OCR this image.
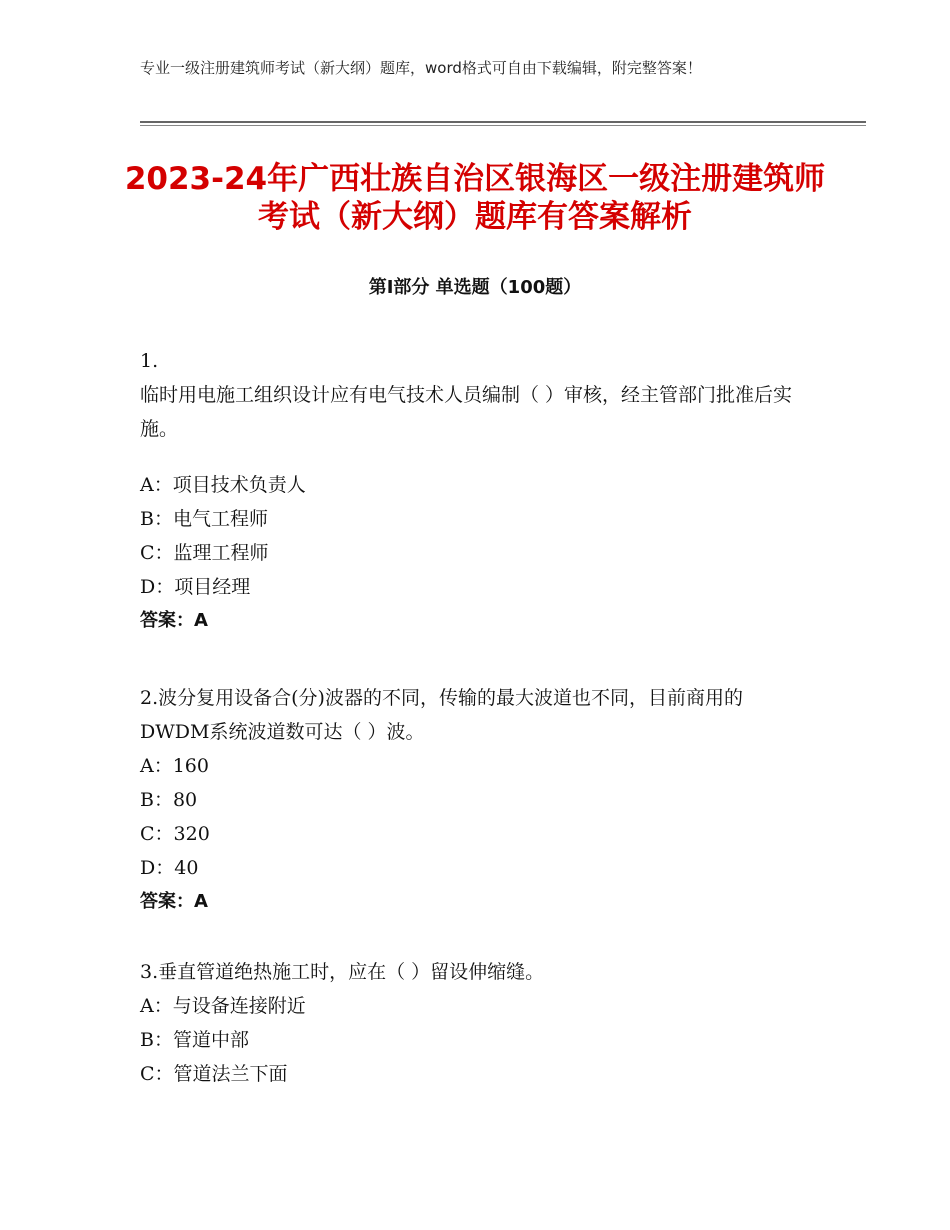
专业一级注册建筑师考试（新大纲）题库，word格式可自由下载编辑，附完整答案！
2023-24年广西壮族自治区银海区一级注册建筑师考试（新大纲）题库有答案解析
第Ⅰ部分 单选题（100题）
1.
临时用电施工组织设计应有电气技术人员编制（ ）审核，经主管部门批准后实施。
A：项目技术负责人
B：电气工程师
C：监理工程师
D：项目经理
答案：A
2.波分复用设备合(分)波器的不同，传输的最大波道也不同，目前商用的DWDM系统波道数可达（ ）波。
A：160
B：80
C：320
D：40
答案：A
3.垂直管道绝热施工时，应在（ ）留设伸缩缝。
A：与设备连接附近
B：管道中部
C：管道法兰下面
